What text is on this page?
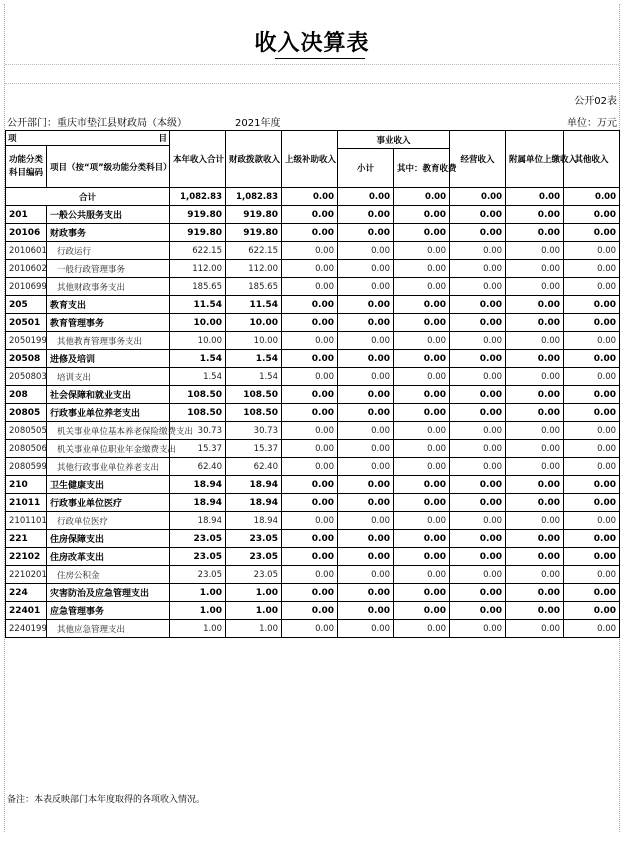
收入决算表
公开02表
公开部门：重庆市垫江县财政局（本级）	2021年度	单位：万元
项 目		本年收入合计	财政拨款收入	上级补助收入	事业收入		经营收入	附属单位上缴收入	其他收入
功能分类科目编码	项目（按“项”级功能分类科目）								
					小计	其中：教育收费			
合计		1,082.83	1,082.83	0.00	0.00	0.00	0.00	0.00	0.00
201	一般公共服务支出	919.80	919.80	0.00	0.00	0.00	0.00	0.00	0.00
20106	财政事务	919.80	919.80	0.00	0.00	0.00	0.00	0.00	0.00
2010601	行政运行	622.15	622.15	0.00	0.00	0.00	0.00	0.00	0.00
2010602	一般行政管理事务	112.00	112.00	0.00	0.00	0.00	0.00	0.00	0.00
2010699	其他财政事务支出	185.65	185.65	0.00	0.00	0.00	0.00	0.00	0.00
205	教育支出	11.54	11.54	0.00	0.00	0.00	0.00	0.00	0.00
20501	教育管理事务	10.00	10.00	0.00	0.00	0.00	0.00	0.00	0.00
2050199	其他教育管理事务支出	10.00	10.00	0.00	0.00	0.00	0.00	0.00	0.00
20508	进修及培训	1.54	1.54	0.00	0.00	0.00	0.00	0.00	0.00
2050803	培训支出	1.54	1.54	0.00	0.00	0.00	0.00	0.00	0.00
208	社会保障和就业支出	108.50	108.50	0.00	0.00	0.00	0.00	0.00	0.00
20805	行政事业单位养老支出	108.50	108.50	0.00	0.00	0.00	0.00	0.00	0.00
2080505	机关事业单位基本养老保险缴费支出	30.73	30.73	0.00	0.00	0.00	0.00	0.00	0.00
2080506	机关事业单位职业年金缴费支出	15.37	15.37	0.00	0.00	0.00	0.00	0.00	0.00
2080599	其他行政事业单位养老支出	62.40	62.40	0.00	0.00	0.00	0.00	0.00	0.00
210	卫生健康支出	18.94	18.94	0.00	0.00	0.00	0.00	0.00	0.00
21011	行政事业单位医疗	18.94	18.94	0.00	0.00	0.00	0.00	0.00	0.00
2101101	行政单位医疗	18.94	18.94	0.00	0.00	0.00	0.00	0.00	0.00
221	住房保障支出	23.05	23.05	0.00	0.00	0.00	0.00	0.00	0.00
22102	住房改革支出	23.05	23.05	0.00	0.00	0.00	0.00	0.00	0.00
2210201	住房公积金	23.05	23.05	0.00	0.00	0.00	0.00	0.00	0.00
224	灾害防治及应急管理支出	1.00	1.00	0.00	0.00	0.00	0.00	0.00	0.00
22401	应急管理事务	1.00	1.00	0.00	0.00	0.00	0.00	0.00	0.00
2240199	其他应急管理支出	1.00	1.00	0.00	0.00	0.00	0.00	0.00	0.00
备注：本表反映部门本年度取得的各项收入情况。
